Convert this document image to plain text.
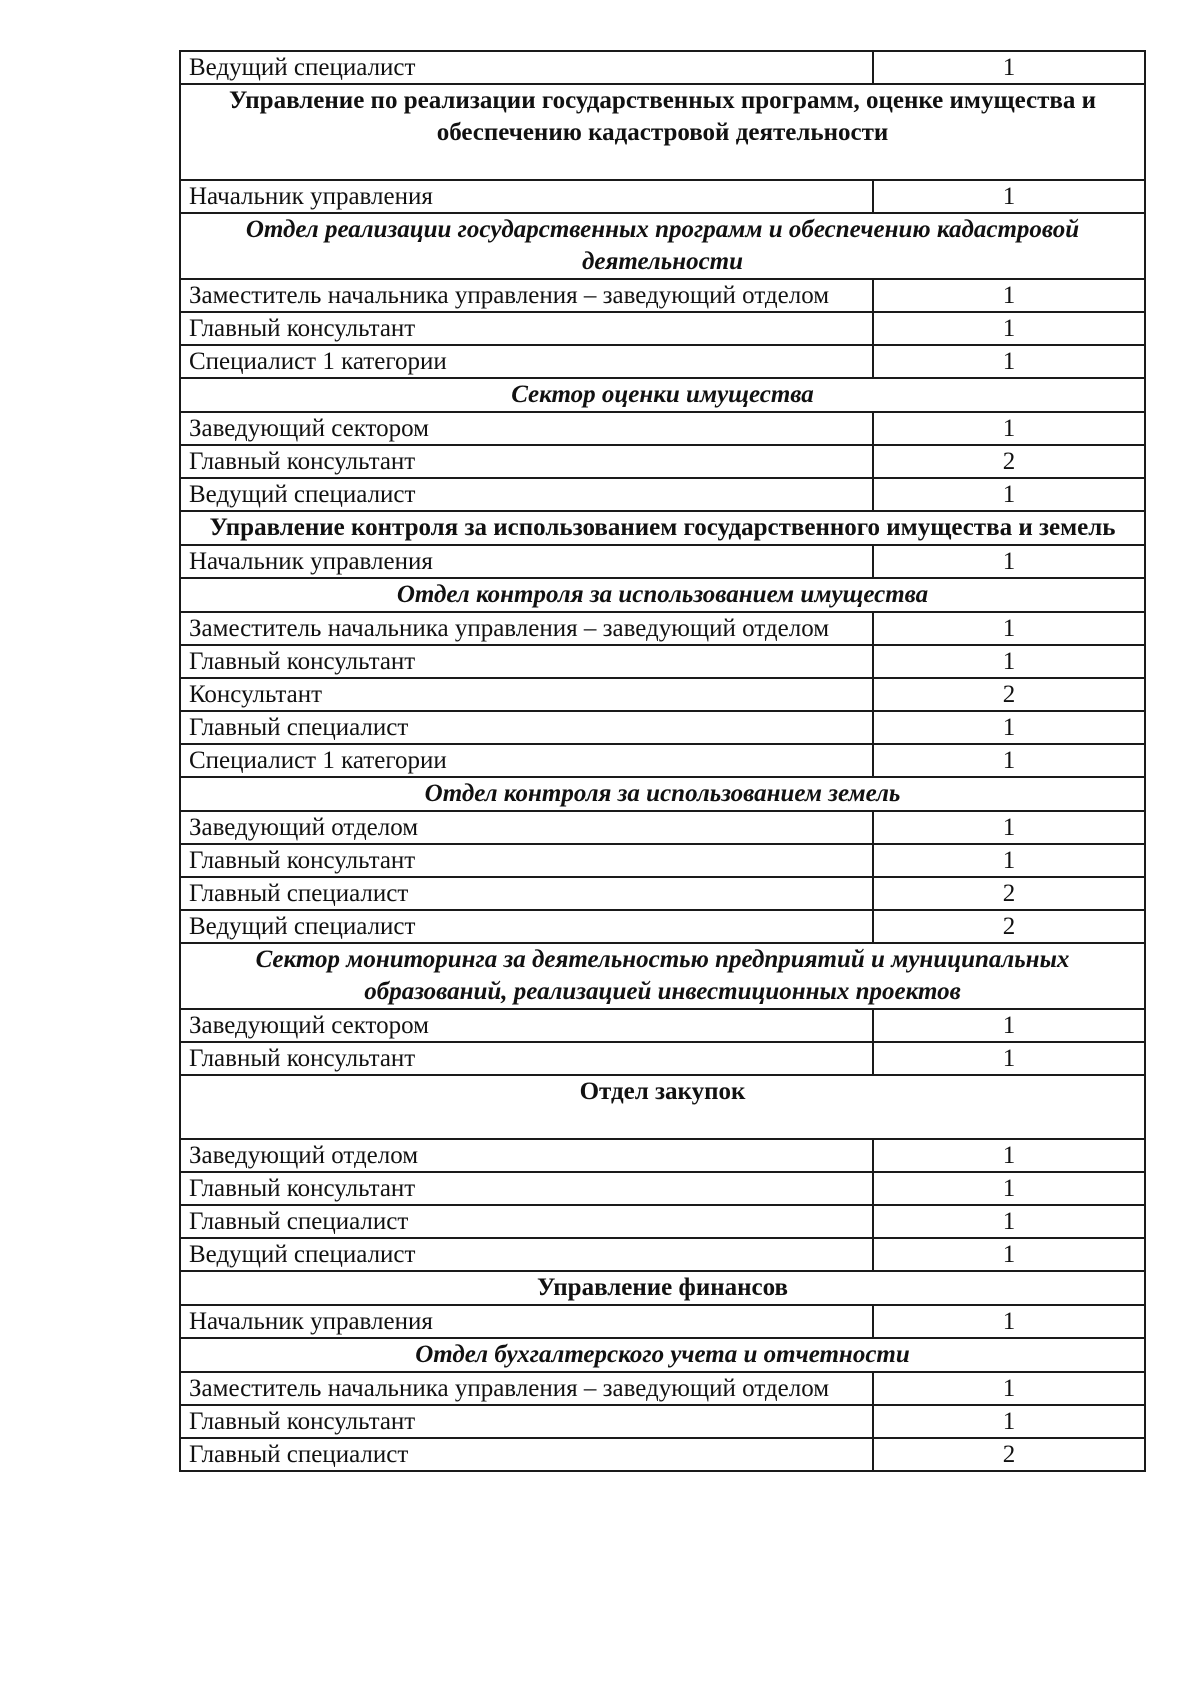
Ведущий специалист	1
Управление по реализации государственных программ, оценке имущества и обеспечению кадастровой деятельности	
Начальник управления	1
Отдел реализации государственных программ и обеспечению кадастровой деятельности	
Заместитель начальника управления – заведующий отделом	1
Главный консультант	1
Специалист 1 категории	1
Сектор оценки имущества	
Заведующий сектором	1
Главный консультант	2
Ведущий специалист	1
Управление контроля за использованием государственного имущества и земель	
Начальник управления	1
Отдел контроля за использованием имущества	
Заместитель начальника управления – заведующий отделом	1
Главный консультант	1
Консультант	2
Главный специалист	1
Специалист 1 категории	1
Отдел контроля за использованием земель	
Заведующий отделом	1
Главный консультант	1
Главный специалист	2
Ведущий специалист	2
Сектор мониторинга за деятельностью предприятий и муниципальных образований, реализацией инвестиционных проектов	
Заведующий сектором	1
Главный консультант	1
Отдел закупок	
Заведующий отделом	1
Главный консультант	1
Главный специалист	1
Ведущий специалист	1
Управление финансов	
Начальник управления	1
Отдел бухгалтерского учета и отчетности	
Заместитель начальника управления – заведующий отделом	1
Главный консультант	1
Главный специалист	2
